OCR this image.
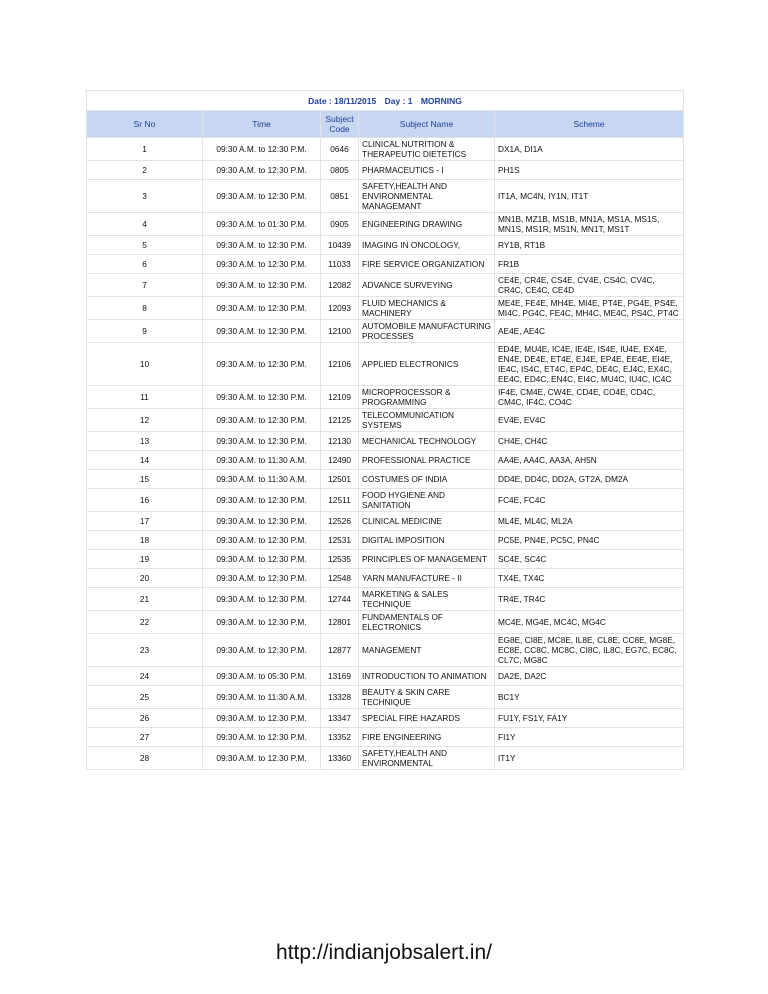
Date : 18/11/2015 Day : 1 MORNING				
Sr No	Time	Subject Code	Subject Name	Scheme
1	09:30 A.M. to 12:30 P.M.	0646	CLINICAL NUTRITION & THERAPEUTIC DIETETICS	DX1A, DI1A
2	09:30 A.M. to 12:30 P.M.	0805	PHARMACEUTICS - I	PH1S
3	09:30 A.M. to 12:30 P.M.	0851	SAFETY,HEALTH AND ENVIRONMENTAL MANAGEMANT	IT1A, MC4N, IY1N, IT1T
4	09:30 A.M. to 01:30 P.M.	0905	ENGINEERING DRAWING	MN1B, MZ1B, MS1B, MN1A, MS1A, MS1S, MN1S, MS1R, MS1N, MN1T, MS1T
5	09:30 A.M. to 12:30 P.M.	10439	IMAGING IN ONCOLOGY,	RY1B, RT1B
6	09:30 A.M. to 12:30 P.M.	11033	FIRE SERVICE ORGANIZATION	FR1B
7	09:30 A.M. to 12:30 P.M.	12082	ADVANCE SURVEYING	CE4E, CR4E, CS4E, CV4E, CS4C, CV4C, CR4C, CE4C, CE4D
8	09:30 A.M. to 12:30 P.M.	12093	FLUID MECHANICS & MACHINERY	ME4E, FE4E, MH4E, MI4E, PT4E, PG4E, PS4E, MI4C, PG4C, FE4C, MH4C, ME4C, PS4C, PT4C
9	09:30 A.M. to 12:30 P.M.	12100	AUTOMOBILE MANUFACTURING PROCESSES	AE4E, AE4C
10	09:30 A.M. to 12:30 P.M.	12106	APPLIED ELECTRONICS	ED4E, MU4E, IC4E, IE4E, IS4E, IU4E, EX4E, EN4E, DE4E, ET4E, EJ4E, EP4E, EE4E, EI4E, IE4C, IS4C, ET4C, EP4C, DE4C, EJ4C, EX4C, EE4C, ED4C, EN4C, EI4C, MU4C, IU4C, IC4C
11	09:30 A.M. to 12:30 P.M.	12109	MICROPROCESSOR & PROGRAMMING	IF4E, CM4E, CW4E, CD4E, CO4E, CD4C, CM4C, IF4C, CO4C
12	09:30 A.M. to 12:30 P.M.	12125	TELECOMMUNICATION SYSTEMS	EV4E, EV4C
13	09:30 A.M. to 12:30 P.M.	12130	MECHANICAL TECHNOLOGY	CH4E, CH4C
14	09:30 A.M. to 11:30 A.M.	12490	PROFESSIONAL PRACTICE	AA4E, AA4C, AA3A, AH5N
15	09:30 A.M. to 11:30 A.M.	12501	COSTUMES OF INDIA	DD4E, DD4C, DD2A, GT2A, DM2A
16	09:30 A.M. to 12:30 P.M.	12511	FOOD HYGIENE AND SANITATION	FC4E, FC4C
17	09:30 A.M. to 12:30 P.M.	12526	CLINICAL MEDICINE	ML4E, ML4C, ML2A
18	09:30 A.M. to 12:30 P.M.	12531	DIGITAL IMPOSITION	PC5E, PN4E, PC5C, PN4C
19	09:30 A.M. to 12:30 P.M.	12535	PRINCIPLES OF MANAGEMENT	SC4E, SC4C
20	09:30 A.M. to 12:30 P.M.	12548	YARN MANUFACTURE - II	TX4E, TX4C
21	09:30 A.M. to 12:30 P.M.	12744	MARKETING & SALES TECHNIQUE	TR4E, TR4C
22	09:30 A.M. to 12:30 P.M.	12801	FUNDAMENTALS OF ELECTRONICS	MC4E, MG4E, MC4C, MG4C
23	09:30 A.M. to 12:30 P.M.	12877	MANAGEMENT	EG8E, CI8E, MC8E, IL8E, CL8E, CC8E, MG8E, EC8E, CC8C, MC8C, CI8C, IL8C, EG7C, EC8C, CL7C, MG8C
24	09:30 A.M. to 05:30 P.M.	13169	INTRODUCTION TO ANIMATION	DA2E, DA2C
25	09:30 A.M. to 11:30 A.M.	13328	BEAUTY & SKIN CARE TECHNIQUE	BC1Y
26	09:30 A.M. to 12:30 P.M.	13347	SPECIAL FIRE HAZARDS	FU1Y, FS1Y, FA1Y
27	09:30 A.M. to 12:30 P.M.	13352	FIRE ENGINEERING	FI1Y
28	09:30 A.M. to 12:30 P.M.	13360	SAFETY,HEALTH AND ENVIRONMENTAL	IT1Y
http://indianjobsalert.in/
